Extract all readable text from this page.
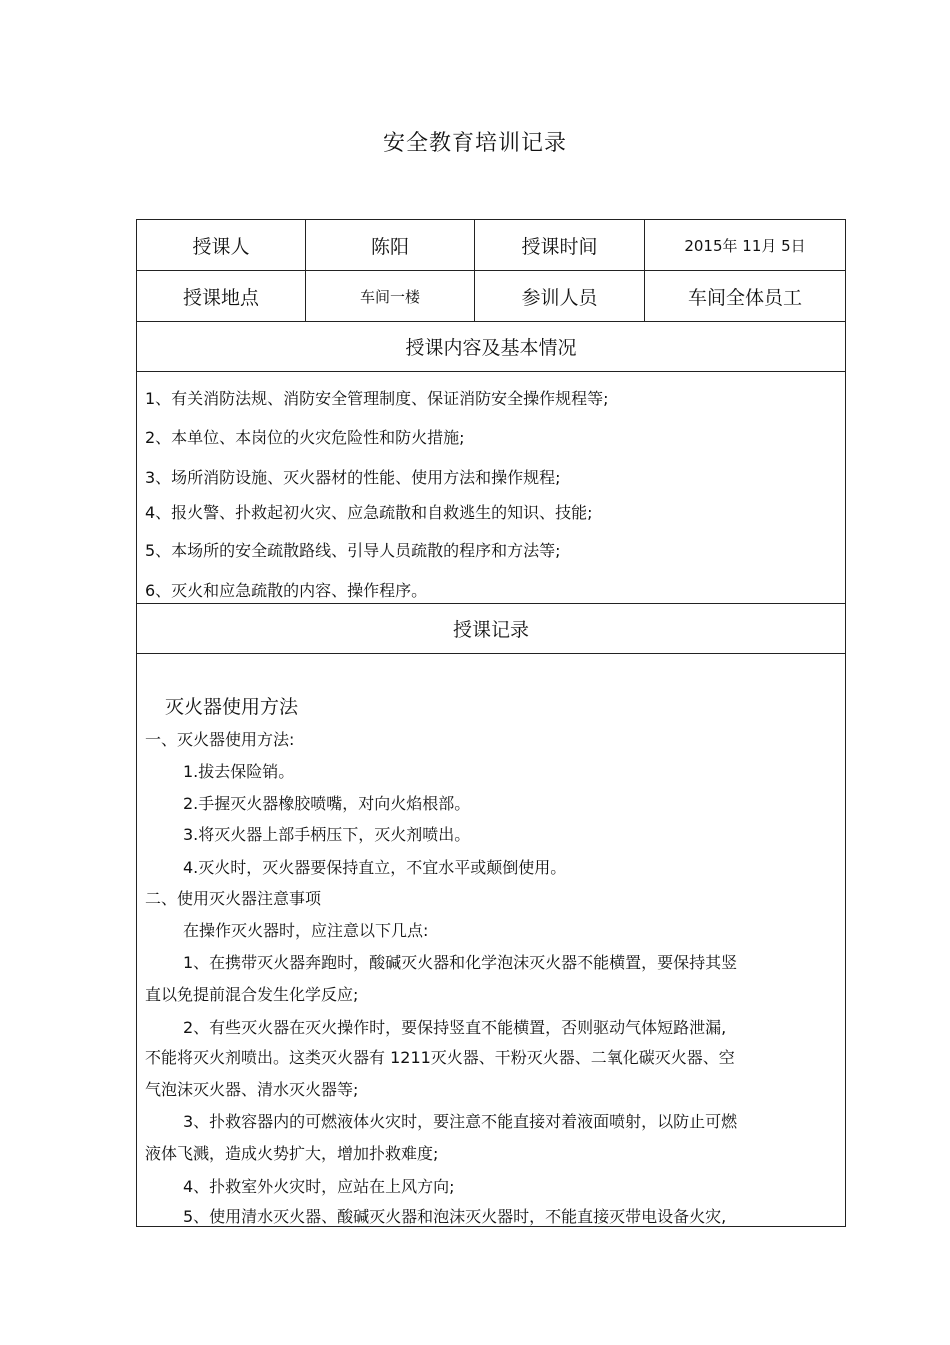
安全教育培训记录
授课人	陈阳	授课时间	2015年 11月 5日
授课地点	车间一楼	参训人员	车间全体员工
授课内容及基本情况
1、有关消防法规、消防安全管理制度、保证消防安全操作规程等;
2、本单位、本岗位的火灾危险性和防火措施;
3、场所消防设施、灭火器材的性能、使用方法和操作规程;
4、报火警、扑救起初火灾、应急疏散和自救逃生的知识、技能;
5、本场所的安全疏散路线、引导人员疏散的程序和方法等;
6、灭火和应急疏散的内容、操作程序。
授课记录
灭火器使用方法
一、灭火器使用方法:
1.拔去保险销。
2.手握灭火器橡胶喷嘴，对向火焰根部。
3.将灭火器上部手柄压下，灭火剂喷出。
4.灭火时，灭火器要保持直立，不宜水平或颠倒使用。
二、使用灭火器注意事项
在操作灭火器时，应注意以下几点:
1、在携带灭火器奔跑时，酸碱灭火器和化学泡沫灭火器不能横置，要保持其竖
直以免提前混合发生化学反应;
2、有些灭火器在灭火操作时，要保持竖直不能横置，否则驱动气体短路泄漏,
不能将灭火剂喷出。这类灭火器有 1211灭火器、干粉灭火器、二氧化碳灭火器、空
气泡沫灭火器、清水灭火器等;
3、扑救容器内的可燃液体火灾时，要注意不能直接对着液面喷射，以防止可燃
液体飞溅，造成火势扩大，增加扑救难度;
4、扑救室外火灾时，应站在上风方向;
5、使用清水灭火器、酸碱灭火器和泡沫灭火器时，不能直接灭带电设备火灾,
